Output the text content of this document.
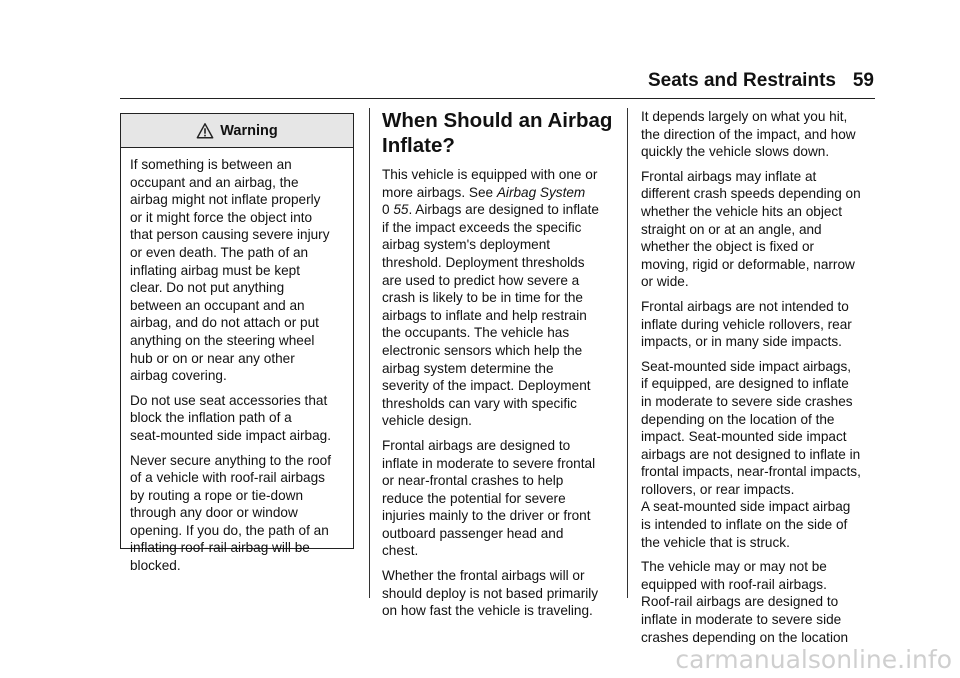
Seats and Restraints 59
Warning

If something is between an
occupant and an airbag, the
airbag might not inflate properly
or it might force the object into
that person causing severe injury
or even death. The path of an
inflating airbag must be kept
clear. Do not put anything
between an occupant and an
airbag, and do not attach or put
anything on the steering wheel
hub or on or near any other
airbag covering.

Do not use seat accessories that
block the inflation path of a
seat-mounted side impact airbag.

Never secure anything to the roof
of a vehicle with roof-rail airbags
by routing a rope or tie-down
through any door or window
opening. If you do, the path of an
inflating roof-rail airbag will be
blocked.

When Should an Airbag
Inflate?

This vehicle is equipped with one or
more airbags. See Airbag System
0 55. Airbags are designed to inflate
if the impact exceeds the specific
airbag system's deployment
threshold. Deployment thresholds
are used to predict how severe a
crash is likely to be in time for the
airbags to inflate and help restrain
the occupants. The vehicle has
electronic sensors which help the
airbag system determine the
severity of the impact. Deployment
thresholds can vary with specific
vehicle design.

Frontal airbags are designed to
inflate in moderate to severe frontal
or near-frontal crashes to help
reduce the potential for severe
injuries mainly to the driver or front
outboard passenger head and
chest.

Whether the frontal airbags will or
should deploy is not based primarily
on how fast the vehicle is traveling.

It depends largely on what you hit,
the direction of the impact, and how
quickly the vehicle slows down.

Frontal airbags may inflate at
different crash speeds depending on
whether the vehicle hits an object
straight on or at an angle, and
whether the object is fixed or
moving, rigid or deformable, narrow
or wide.

Frontal airbags are not intended to
inflate during vehicle rollovers, rear
impacts, or in many side impacts.

Seat-mounted side impact airbags,
if equipped, are designed to inflate
in moderate to severe side crashes
depending on the location of the
impact. Seat-mounted side impact
airbags are not designed to inflate in
frontal impacts, near-frontal impacts,
rollovers, or rear impacts.
A seat-mounted side impact airbag
is intended to inflate on the side of
the vehicle that is struck.

The vehicle may or may not be
equipped with roof-rail airbags.
Roof-rail airbags are designed to
inflate in moderate to severe side
crashes depending on the location

carmanualsonline.info
